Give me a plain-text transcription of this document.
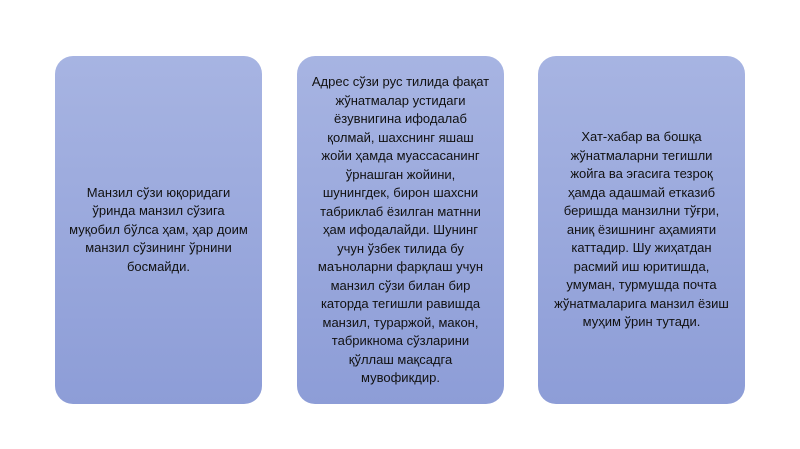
Манзил сўзи юқоридаги ўринда манзил сўзига муқобил бўлса ҳам, ҳар доим манзил сўзининг ўрнини босмайди.
Адрес сўзи рус тилида фақат жўнатмалар устидаги ёзувнигина ифодалаб қолмай, шахснинг яшаш жойи ҳамда муассасанинг ўрнашган жойини, шунингдек, бирон шахсни табриклаб ёзилган матнни ҳам ифодалайди. Шунинг учун ўзбек тилида бу маъноларни фарқлаш учун манзил сўзи билан бир каторда тегишли равишда манзил, тураржой, макон, табрикнома сўзларини қўллаш мақсадга мувофикдир.
Хат-хабар ва бошқа жўнатмаларни тегишли жойга ва эгасига тезроқ ҳамда адашмай етказиб беришда манзилни тўғри, аниқ ёзишнинг аҳамияти каттадир. Шу жиҳатдан расмий иш юритишда, умуман, турмушда почта жўнатмаларига манзил ёзиш муҳим ўрин тутади.
